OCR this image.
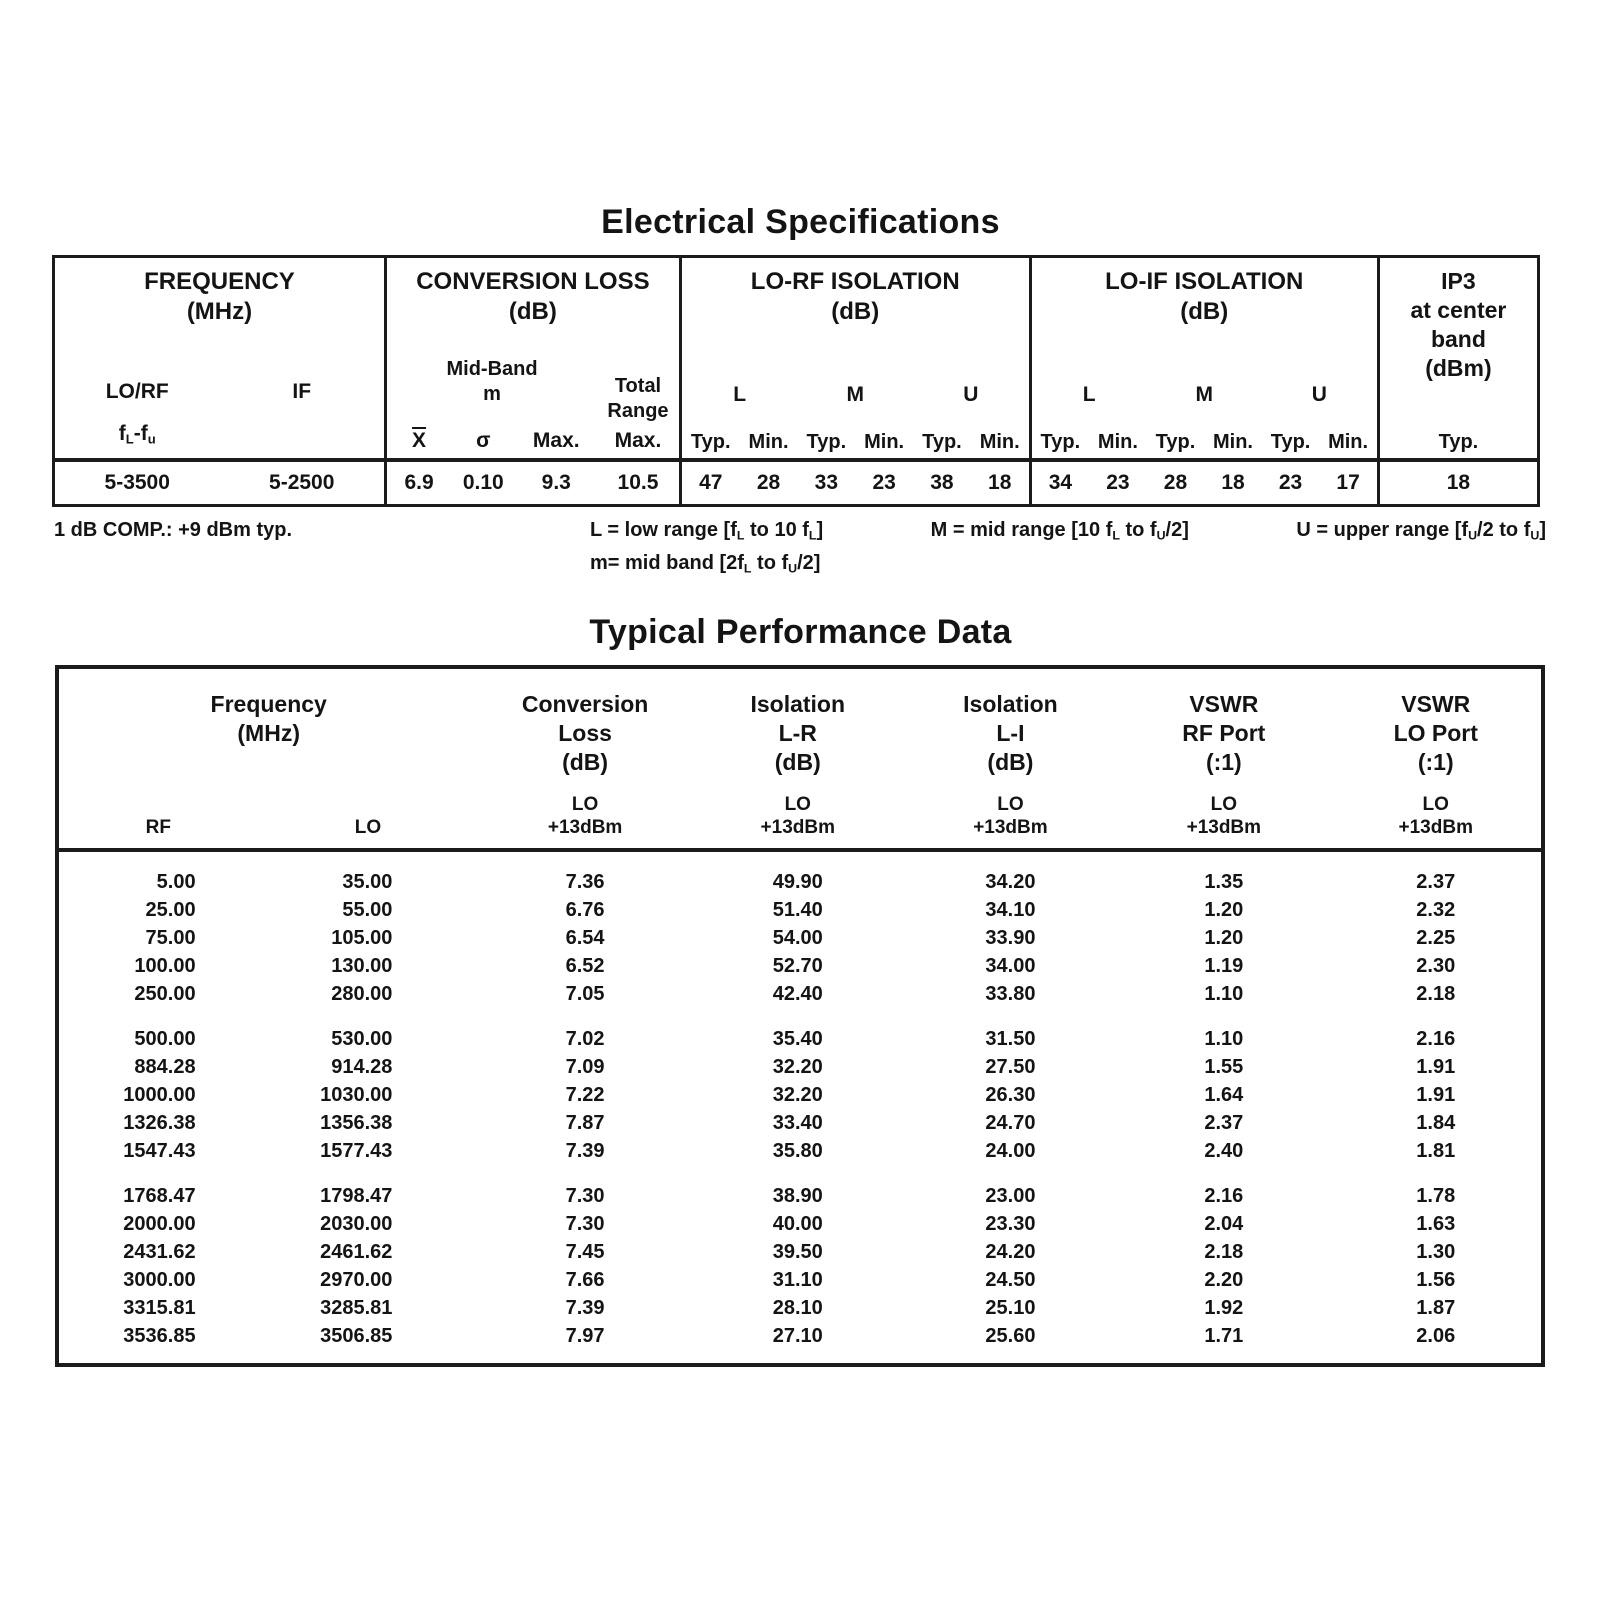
Electrical Specifications
FREQUENCY
(MHz)
LO/RF
$f_L-f_u$
IF
5-3500	5-2500
CONVERSION LOSS
(dB)
Mid-Band
m	Total
Range
$\overline{X}$	σ	Max.	Max.
6.9	0.10	9.3	10.5
LO-RF ISOLATION
(dB)
L	M	U
Typ. Min. Typ. Min. Typ. Min.
47	28	33	23	38	18
LO-IF ISOLATION
(dB)
L	M	U
Typ. Min. Typ. Min. Typ. Min.
34	23	28	18	23	17
IP3
at center
band
(dBm)
Typ.
18
1 dB COMP.: +9 dBm typ.	L = low range [$f_L$ to 10 $f_L$]	M = mid range [10 $f_L$ to $f_U/2$]	U = upper range [$f_U/2$ to $f_U$]
m= mid band [$2f_L$ to $f_U/2$]
Typical Performance Data
Frequency
(MHz)
Conversion
Loss
(dB)
Isolation
L-R
(dB)
Isolation
L-I
(dB)
VSWR
RF Port
(:1)
VSWR
LO Port
(:1)
RF	LO
LO
+13dBm
LO
+13dBm
LO
+13dBm
LO
+13dBm
LO
+13dBm
5.00	35.00	7.36	49.90	34.20	1.35	2.37
25.00	55.00	6.76	51.40	34.10	1.20	2.32
75.00	105.00	6.54	54.00	33.90	1.20	2.25
100.00	130.00	6.52	52.70	34.00	1.19	2.30
250.00	280.00	7.05	42.40	33.80	1.10	2.18
500.00	530.00	7.02	35.40	31.50	1.10	2.16
884.28	914.28	7.09	32.20	27.50	1.55	1.91
1000.00	1030.00	7.22	32.20	26.30	1.64	1.91
1326.38	1356.38	7.87	33.40	24.70	2.37	1.84
1547.43	1577.43	7.39	35.80	24.00	2.40	1.81
1768.47	1798.47	7.30	38.90	23.00	2.16	1.78
2000.00	2030.00	7.30	40.00	23.30	2.04	1.63
2431.62	2461.62	7.45	39.50	24.20	2.18	1.30
3000.00	2970.00	7.66	31.10	24.50	2.20	1.56
3315.81	3285.81	7.39	28.10	25.10	1.92	1.87
3536.85	3506.85	7.97	27.10	25.60	1.71	2.06
